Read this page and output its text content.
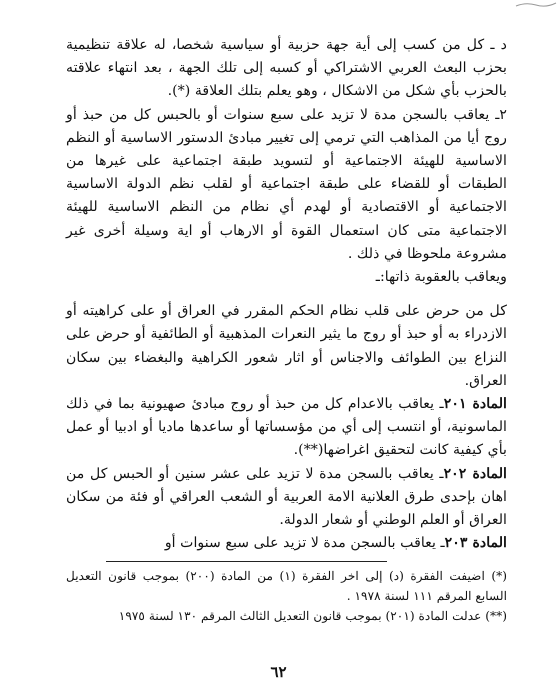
د ـ كل من كسب إلى أية جهة حزبية أو سياسية شخصا، له علاقة تنظيمية بحزب البعث العربي الاشتراكي أو كسبه إلى تلك الجهة ، بعد انتهاء علاقته بالحزب بأي شكل من الاشكال ، وهو يعلم بتلك العلاقة (*).

٢ـ يعاقب بالسجن مدة لا تزيد على سبع سنوات أو بالحبس كل من حبذ أو روج أيا من المذاهب التي ترمي إلى تغيير مبادئ الدستور الاساسية أو النظم الاساسية للهيئة الاجتماعية أو لتسويد طبقة اجتماعية على غيرها من الطبقات أو للقضاء على طبقة اجتماعية أو لقلب نظم الدولة الاساسية الاجتماعية أو الاقتصادية أو لهدم أي نظام من النظم الاساسية للهيئة الاجتماعية متى كان استعمال القوة أو الارهاب أو اية وسيلة أخرى غير مشروعة ملحوظا في ذلك .

ويعاقب بالعقوبة ذاتها:ـ

كل من حرض على قلب نظام الحكم المقرر في العراق أو على كراهيته أو الازدراء به أو حبذ أو روج ما يثير النعرات المذهبية أو الطائفية أو حرض على النزاع بين الطوائف والاجناس أو اثار شعور الكراهية والبغضاء بين سكان العراق.

المادة ٢٠١ـ يعاقب بالاعدام كل من حبذ أو روج مبادئ صهيونية بما في ذلك الماسونية، أو انتسب إلى أي من مؤسساتها أو ساعدها ماديا أو ادبيا أو عمل بأي كيفية كانت لتحقيق اغراضها(**).

المادة ٢٠٢ـ يعاقب بالسجن مدة لا تزيد على عشر سنين أو الحبس كل من اهان بإحدى طرق العلانية الامة العربية أو الشعب العراقي أو فئة من سكان العراق أو العلم الوطني أو شعار الدولة.

المادة ٢٠٣ـ يعاقب بالسجن مدة لا تزيد على سبع سنوات أو

(*) اضيفت الفقرة (د) إلى اخر الفقرة (١) من المادة (٢٠٠) بموجب قانون التعديل السابع المرقم ١١١ لسنة ١٩٧٨ .

(**) عدلت المادة (٢٠١) بموجب قانون التعديل الثالث المرقم ١٣٠ لسنة ١٩٧٥

٦٢
